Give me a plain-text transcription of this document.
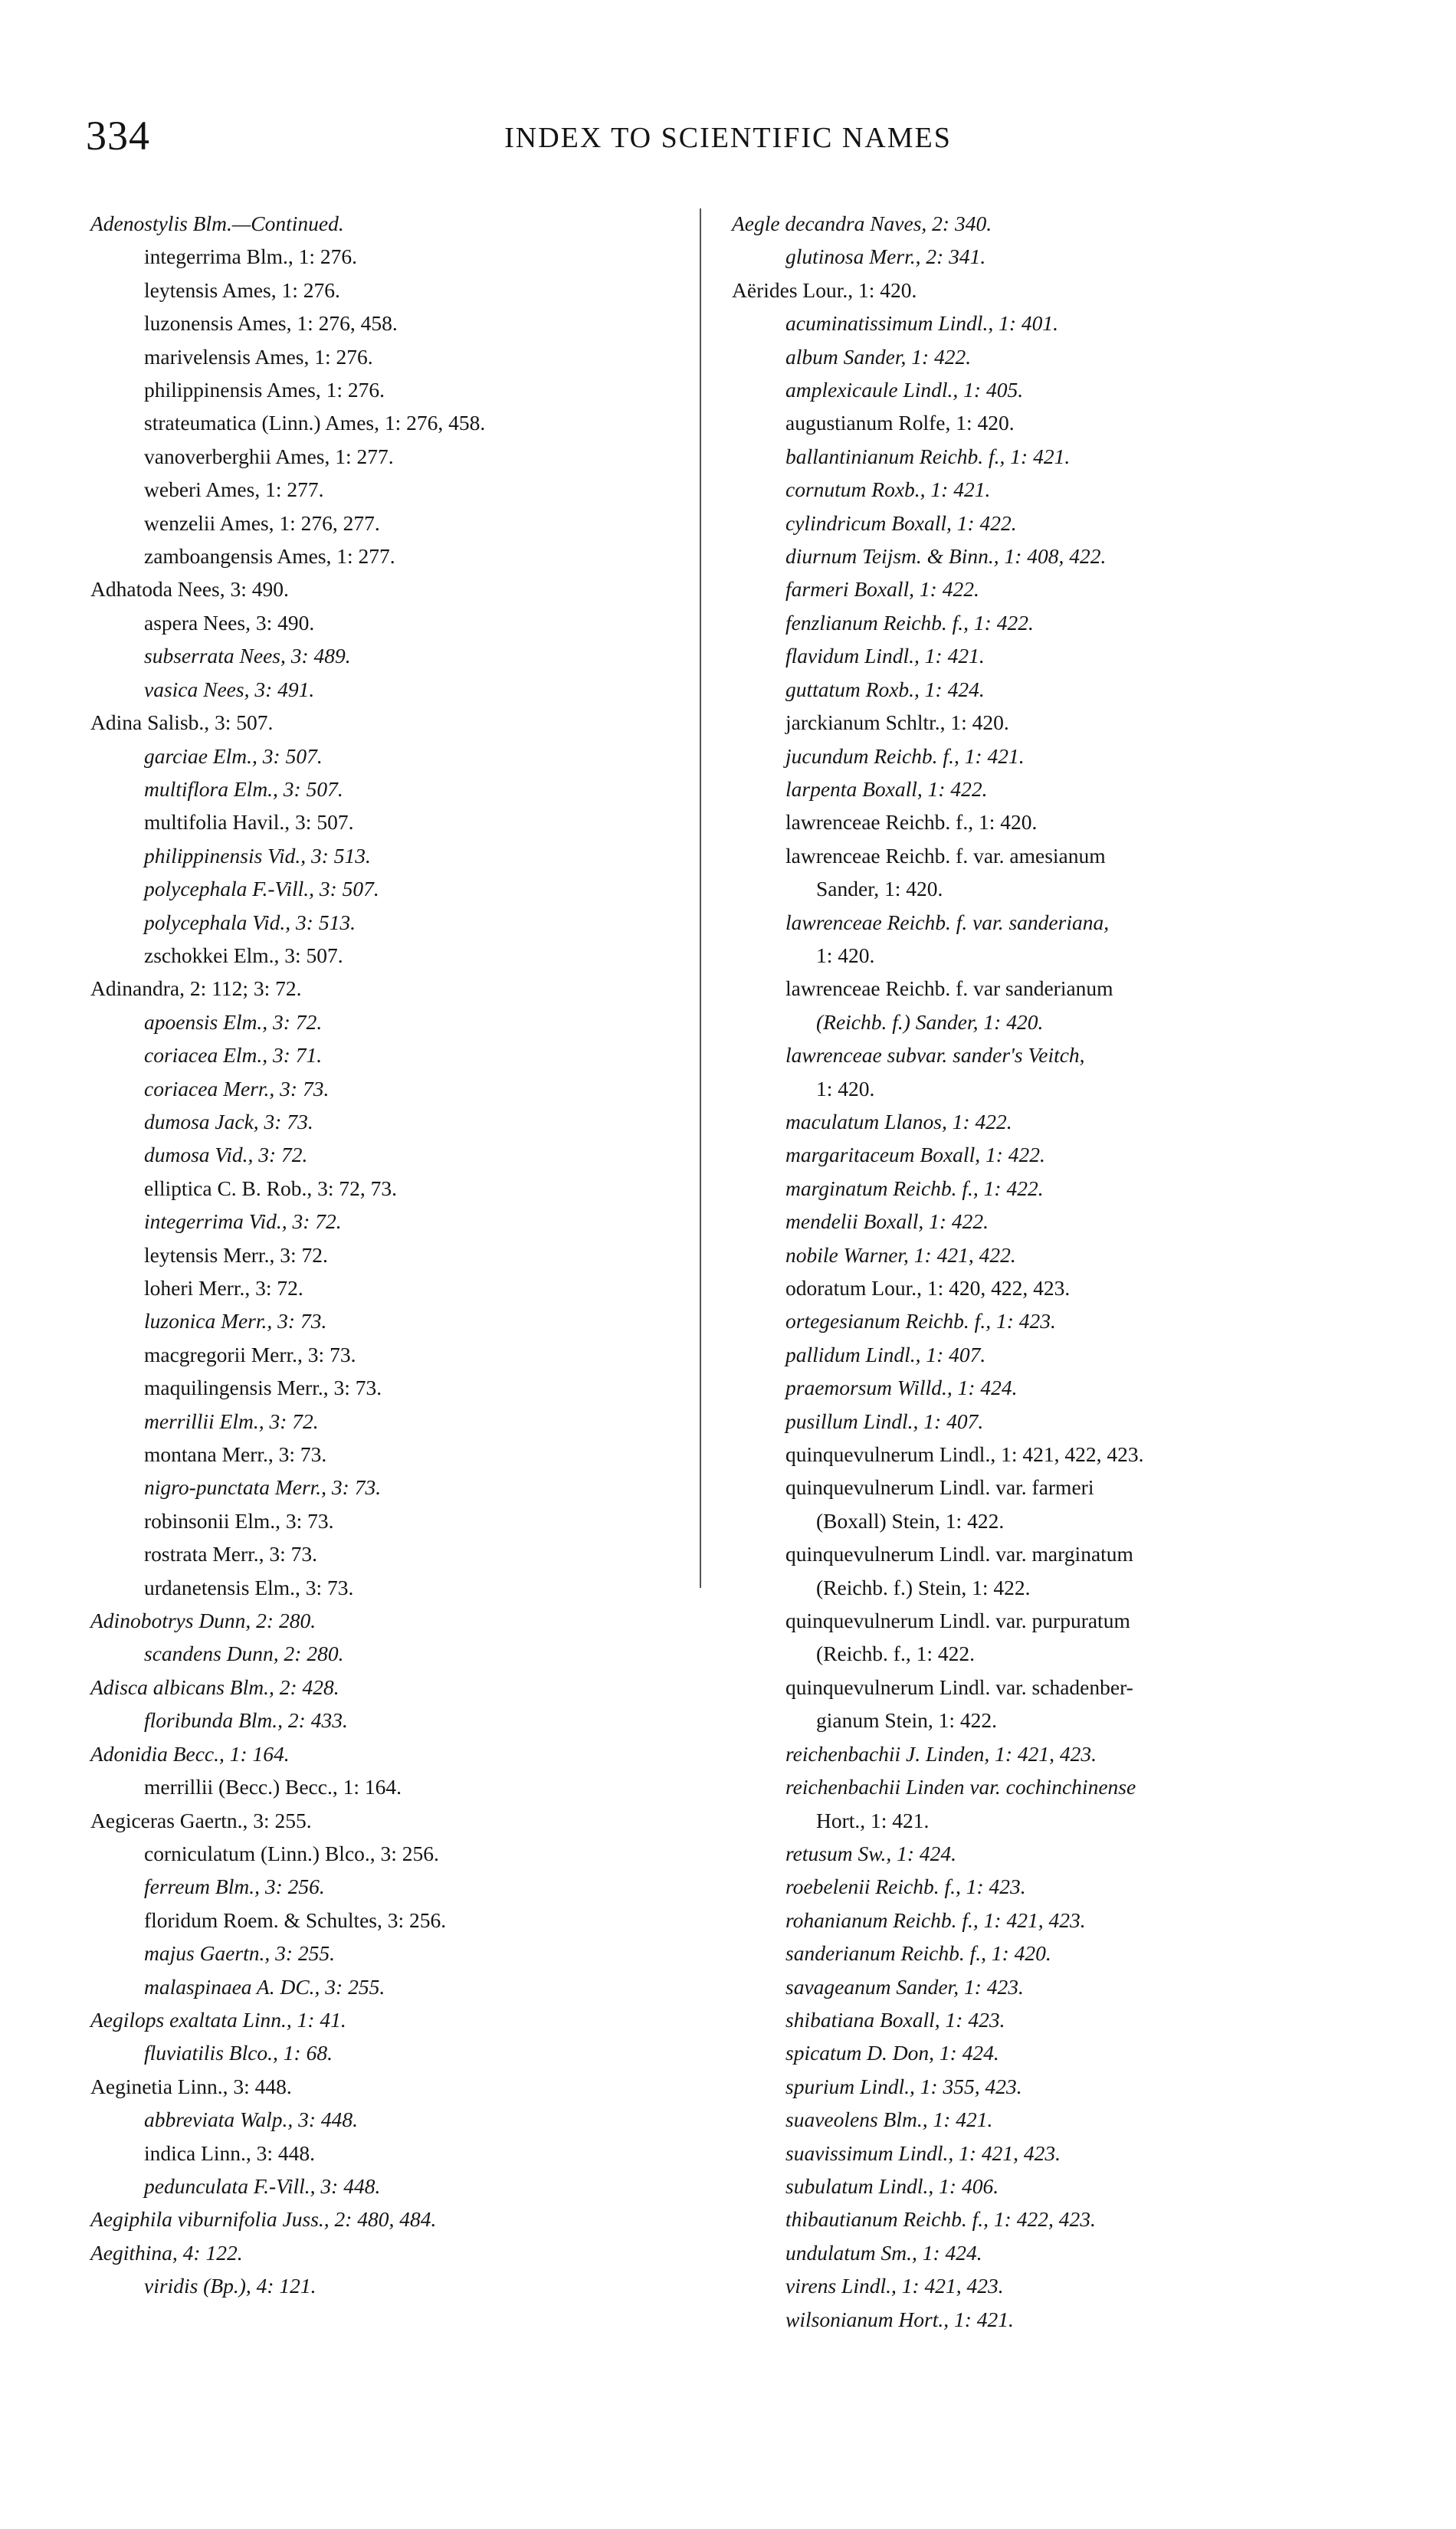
334	INDEX TO SCIENTIFIC NAMES
Adenostylis Blm.—Continued.
integerrima Blm., 1: 276.
leytensis Ames, 1: 276.
luzonensis Ames, 1: 276, 458.
marivelensis Ames, 1: 276.
philippinensis Ames, 1: 276.
strateumatica (Linn.) Ames, 1: 276, 458.
vanoverberghii Ames, 1: 277.
weberi Ames, 1: 277.
wenzelii Ames, 1: 276, 277.
zamboangensis Ames, 1: 277.
Adhatoda Nees, 3: 490.
aspera Nees, 3: 490.
subserrata Nees, 3: 489.
vasica Nees, 3: 491.
Adina Salisb., 3: 507.
garciae Elm., 3: 507.
multiflora Elm., 3: 507.
multifolia Havil., 3: 507.
philippinensis Vid., 3: 513.
polycephala F.-Vill., 3: 507.
polycephala Vid., 3: 513.
zschokkei Elm., 3: 507.
Adinandra, 2: 112; 3: 72.
apoensis Elm., 3: 72.
coriacea Elm., 3: 71.
coriacea Merr., 3: 73.
dumosa Jack, 3: 73.
dumosa Vid., 3: 72.
elliptica C. B. Rob., 3: 72, 73.
integerrima Vid., 3: 72.
leytensis Merr., 3: 72.
loheri Merr., 3: 72.
luzonica Merr., 3: 73.
macgregorii Merr., 3: 73.
maquilingensis Merr., 3: 73.
merrillii Elm., 3: 72.
montana Merr., 3: 73.
nigro-punctata Merr., 3: 73.
robinsonii Elm., 3: 73.
rostrata Merr., 3: 73.
urdanetensis Elm., 3: 73.
Adinobotrys Dunn, 2: 280.
scandens Dunn, 2: 280.
Adisca albicans Blm., 2: 428.
floribunda Blm., 2: 433.
Adonidia Becc., 1: 164.
merrillii (Becc.) Becc., 1: 164.
Aegiceras Gaertn., 3: 255.
corniculatum (Linn.) Blco., 3: 256.
ferreum Blm., 3: 256.
floridum Roem. & Schultes, 3: 256.
majus Gaertn., 3: 255.
malaspinaea A. DC., 3: 255.
Aegilops exaltata Linn., 1: 41.
fluviatilis Blco., 1: 68.
Aeginetia Linn., 3: 448.
abbreviata Walp., 3: 448.
indica Linn., 3: 448.
pedunculata F.-Vill., 3: 448.
Aegiphila viburnifolia Juss., 2: 480, 484.
Aegithina, 4: 122.
viridis (Bp.), 4: 121.
Aegle decandra Naves, 2: 340.
glutinosa Merr., 2: 341.
Aërides Lour., 1: 420.
acuminatissimum Lindl., 1: 401.
album Sander, 1: 422.
amplexicaule Lindl., 1: 405.
augustianum Rolfe, 1: 420.
ballantinianum Reichb. f., 1: 421.
cornutum Roxb., 1: 421.
cylindricum Boxall, 1: 422.
diurnum Teijsm. & Binn., 1: 408, 422.
farmeri Boxall, 1: 422.
fenzlianum Reichb. f., 1: 422.
flavidum Lindl., 1: 421.
guttatum Roxb., 1: 424.
jarckianum Schltr., 1: 420.
jucundum Reichb. f., 1: 421.
larpenta Boxall, 1: 422.
lawrenceae Reichb. f., 1: 420.
lawrenceae Reichb. f. var. amesianum
Sander, 1: 420.
lawrenceae Reichb. f. var. sanderiana,
1: 420.
lawrenceae Reichb. f. var sanderianum
(Reichb. f.) Sander, 1: 420.
lawrenceae subvar. sander's Veitch,
1: 420.
maculatum Llanos, 1: 422.
margaritaceum Boxall, 1: 422.
marginatum Reichb. f., 1: 422.
mendelii Boxall, 1: 422.
nobile Warner, 1: 421, 422.
odoratum Lour., 1: 420, 422, 423.
ortegesianum Reichb. f., 1: 423.
pallidum Lindl., 1: 407.
praemorsum Willd., 1: 424.
pusillum Lindl., 1: 407.
quinquevulnerum Lindl., 1: 421, 422, 423.
quinquevulnerum Lindl. var. farmeri
(Boxall) Stein, 1: 422.
quinquevulnerum Lindl. var. marginatum
(Reichb. f.) Stein, 1: 422.
quinquevulnerum Lindl. var. purpuratum
(Reichb. f., 1: 422.
quinquevulnerum Lindl. var. schadenber-
gianum Stein, 1: 422.
reichenbachii J. Linden, 1: 421, 423.
reichenbachii Linden var. cochinchinense
Hort., 1: 421.
retusum Sw., 1: 424.
roebelenii Reichb. f., 1: 423.
rohanianum Reichb. f., 1: 421, 423.
sanderianum Reichb. f., 1: 420.
savageanum Sander, 1: 423.
shibatiana Boxall, 1: 423.
spicatum D. Don, 1: 424.
spurium Lindl., 1: 355, 423.
suaveolens Blm., 1: 421.
suavissimum Lindl., 1: 421, 423.
subulatum Lindl., 1: 406.
thibautianum Reichb. f., 1: 422, 423.
undulatum Sm., 1: 424.
virens Lindl., 1: 421, 423.
wilsonianum Hort., 1: 421.
